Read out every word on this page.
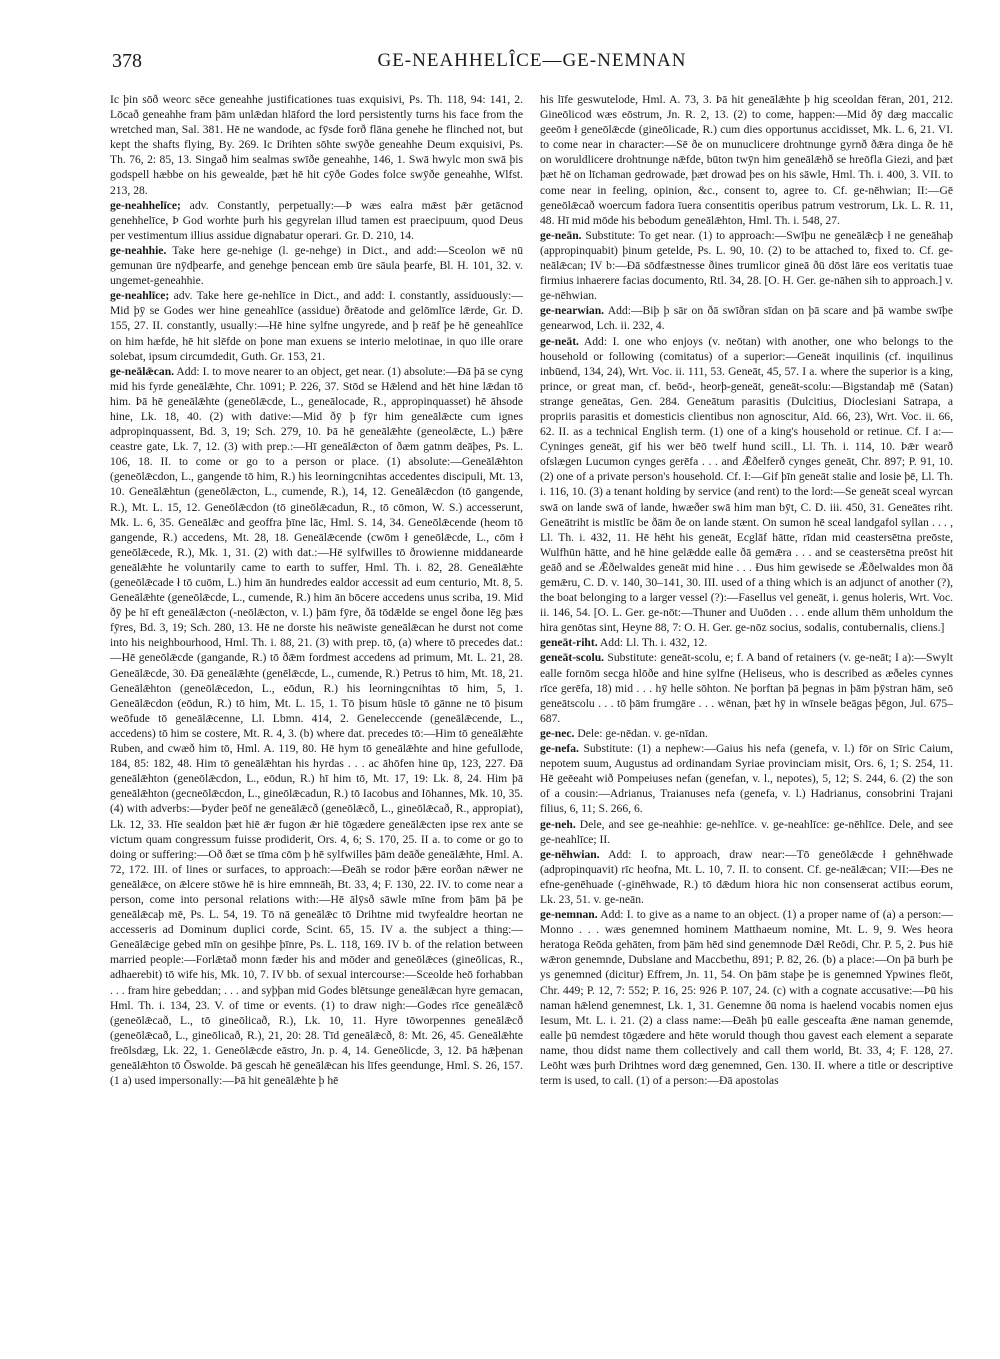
378	GE-NEAHHELÎCE—GE-NEMNAN

Ic þin sōð weorc sēce geneahhe justificationes tuas exquisivi, Ps. Th. 118, 94: 141, 2. Lōcað geneahhe fram þām unlǣdan hlāford the lord persistently turns his face from the wretched man, Sal. 381. Hē ne wandode, ac fȳsde forð flāna genehe he flinched not, but kept the shafts flying, By. 269. Ic Drihten sōhte swȳðe geneahhe Deum exquisivi, Ps. Th. 76, 2: 85, 13. Singað him sealmas swīðe geneahhe, 146, 1. Swā hwylc mon swā þis godspell hæbbe on his gewealde, þæt hē hit cȳðe Godes folce swȳðe geneahhe, Wlfst. 213, 28.

ge-neahhelīce; adv. Constantly, perpetually:—Þ wæs ealra mǣst þǣr getācnod genehhelīce, Þ God worhte þurh his gegyrelan illud tamen est praecipuum, quod Deus per vestimentum illius assidue dignabatur operari. Gr. D. 210, 14.

ge-neahhie. Take here ge-nehige (l. ge-nehge) in Dict., and add:—Sceolon wē nū gemunan ūre nȳdþearfe, and genehge þencean emb ūre sāula þearfe, Bl. H. 101, 32. v. ungemet-geneahhie.

ge-neahlīce; adv. Take here ge-nehlīce in Dict., and add: I. constantly, assiduously:—Mid þȳ se Godes wer hine geneahlīce (assidue) ðrēatode and gelōmlīce lǣrde, Gr. D. 155, 27. II. constantly, usually:—Hē hine sylfne ungyrede, and þ reāf þe hē geneahlīce on him hæfde, hē hit slēfde on þone man exuens se interio melotinae, in quo ille orare solebat, ipsum circumdedit, Guth. Gr. 153, 21.

ge-neālǣcan. Add: I. to move nearer to an object, get near. (1) absolute:—Ðā þā se cyng mid his fyrde geneālǣhte, Chr. 1091; P. 226, 37. Stōd se Hǣlend and hēt hine lǣdan tō him. Þā hē geneālǣhte (geneōlǣcde, L., geneālocade, R., appropinquasset) hē āhsode hine, Lk. 18, 40. (2) with dative:—Mid ðȳ þ fȳr him geneālǣcte cum ignes adpropinquassent, Bd. 3, 19; Sch. 279, 10. Þā hē geneālǣhte (geneolǣcte, L.) þǣre ceastre gate, Lk. 7, 12. (3) with prep.:—Hī geneālǣcton of ðæm gatnm deāþes, Ps. L. 106, 18. II. to come or go to a person or place. (1) absolute:—Geneālǣhton (geneōlǣcdon, L., gangende tō him, R.) his leorningcnihtas accedentes discipuli, Mt. 13, 10. Geneālǣhtun (geneōlǣcton, L., cumende, R.), 14, 12. Geneālǣcdon (tō gangende, R.), Mt. L. 15, 12. Geneōlǣcdon (tō gineōlǣcadun, R., tō cōmon, W. S.) accesserunt, Mk. L. 6, 35. Geneālǣc and geoffra þīne lāc, Hml. S. 14, 34. Geneōlǣcende (heom tō gangende, R.) accedens, Mt. 28, 18. Geneālǣcende (cwōm ł geneōlǣcde, L., cōm ł geneōlǣcede, R.), Mk. 1, 31. (2) with dat.:—Hē sylfwilles tō ðrowienne middanearde geneālǣhte he voluntarily came to earth to suffer, Hml. Th. i. 82, 28. Geneālǣhte (geneōlǣcade ł tō cuōm, L.) him ān hundredes ealdor accessit ad eum centurio, Mt. 8, 5. Geneālǣhte (geneōlǣcde, L., cumende, R.) him ān bōcere accedens unus scriba, 19. Mid ðȳ þe hī eft geneālǣcton (-neōlǣcton, v. l.) þām fȳre, ðā tōdǣlde se engel ðone lēg þæs fȳres, Bd. 3, 19; Sch. 280, 13. Hē ne dorste his neāwiste geneālǣcan he durst not come into his neighbourhood, Hml. Th. i. 88, 21. (3) with prep. tō, (a) where tō precedes dat.:—Hē geneōlǣcde (gangande, R.) tō ðǣm fordmest accedens ad primum, Mt. L. 21, 28. Geneālǣcde, 30. Ðā geneālǣhte (genēlǣcde, L., cumende, R.) Petrus tō him, Mt. 18, 21. Geneālǣhton (geneōlǣcedon, L., eōdun, R.) his leorningcnihtas tō him, 5, 1. Geneālǣcdon (eōdun, R.) tō him, Mt. L. 15, 1. Tō þisum hūsle tō gānne ne tō þisum weōfude tō geneālǣcenne, Ll. Lbmn. 414, 2. Geneleccende (geneālǣcende, L., accedens) tō him se costere, Mt. R. 4, 3. (b) where dat. precedes tō:—Him tō geneālǣhte Ruben, and cwæð him tō, Hml. A. 119, 80. Hē hym tō geneālǣhte and hine gefullode, 184, 85: 182, 48. Him tō geneālǣhtan his hyrdas . . . ac āhōfen hine ūp, 123, 227. Ðā geneālǣhton (geneōlǣcdon, L., eōdun, R.) hī him tō, Mt. 17, 19: Lk. 8, 24. Him þā geneālǣhton (gecneōlǣcdon, L., gineōlǣcadun, R.) tō Iacobus and Iōhannes, Mk. 10, 35. (4) with adverbs:—Þyder þeōf ne geneālǣcð (geneōlǣcð, L., gineōlǣcað, R., appropiat), Lk. 12, 33. Hīe sealdon þæt hiē ǣr fugon ǣr hiē tōgædere geneālǣcten ipse rex ante se victum quam congressum fuisse prodiderit, Ors. 4, 6; S. 170, 25. II a. to come or go to doing or suffering:—Oð ðæt se tīma cōm þ hē sylfwilles þām deāðe geneālǣhte, Hml. A. 72, 172. III. of lines or surfaces, to approach:—Ðeāh se rodor þǣre eorðan nǣwer ne geneālǣce, on ǣlcere stōwe hē is hire emnneāh, Bt. 33, 4; F. 130, 22. IV. to come near a person, come into personal relations with:—Hē ālȳsð sāwle mīne from þām þā þe geneālǣcaþ mē, Ps. L. 54, 19. Tō nā geneālǣc tō Drihtne mid twyfealdre heortan ne accesseris ad Dominum duplici corde, Scint. 65, 15. IV a. the subject a thing:—Geneālǣcige gebed mīn on gesihþe þīnre, Ps. L. 118, 169. IV b. of the relation between married people:—Forlǣtað monn fæder his and mōder and geneōlǣces (gineōlicas, R., adhaerebit) tō wife his, Mk. 10, 7. IV bb. of sexual intercourse:—Sceolde heō forhabban . . . fram hire gebeddan; . . . and syþþan mid Godes blētsunge geneālǣcan hyre gemacan, Hml. Th. i. 134, 23. V. of time or events. (1) to draw nigh:—Godes rīce geneālǣcð (geneōlǣcað, L., tō gineōlicað, R.), Lk. 10, 11. Hyre tōworpennes geneālǣcð (geneōlǣcað, L., gineōlicað, R.), 21, 20: 28. Tīd geneālǣcð, 8: Mt. 26, 45. Geneālǣhte freōlsdæg, Lk. 22, 1. Geneōlǣcde eāstro, Jn. p. 4, 14. Geneōlicde, 3, 12. Þā hǣþenan geneālǣhton tō Ōswolde. Þā gescah hē geneālǣcan his līfes geendunge, Hml. S. 26, 157. (1 a) used impersonally:—Þā hit geneālǣhte þ hē

his līfe geswutelode, Hml. A. 73, 3. Þā hit geneālǣhte þ hig sceoldan fēran, 201, 212. Gineōlicod wæs eōstrum, Jn. R. 2, 13. (2) to come, happen:—Mid ðȳ dæg maccalic geeōm ł geneōlǣcde (gineōlicade, R.) cum dies opportunus accidisset, Mk. L. 6, 21. VI. to come near in character:—Sē ðe on munuclicere drohtnunge gyrnð ðǣra dinga ðe hē on woruldlicere drohtnunge nǣfde, būton twȳn him geneālǣhð se hreōfla Giezi, and þæt þæt hē on līchaman gedrowade, þæt drowad þes on his sāwle, Hml. Th. i. 400, 3. VII. to come near in feeling, opinion, &c., consent to, agree to. Cf. ge-nēhwian; II:—Gē geneōlǣcað woercum fadora īuera consentitis operibus patrum vestrorum, Lk. L. R. 11, 48. Hī mid mōde his bebodum geneālǣhton, Hml. Th. i. 548, 27.

ge-neān. Substitute: To get near. (1) to approach:—Swīþu ne geneālǣcþ ł ne geneāhaþ (appropinquabit) þinum getelde, Ps. L. 90, 10. (2) to be attached to, fixed to. Cf. ge-neālǣcan; IV b:—Ðā sōdfæstnesse ðines trumlicor gineā ðū dōst lāre eos veritatis tuae firmius inhaerere facias documento, Rtl. 34, 28. [O. H. Ger. ge-nāhen sih to approach.] v. ge-nēhwian.

ge-nearwian. Add:—Biþ þ sār on ðā swīðran sīdan on þā scare and þā wambe swīþe genearwod, Lch. ii. 232, 4.

ge-neāt. Add: I. one who enjoys (v. neōtan) with another, one who belongs to the household or following (comitatus) of a superior:—Geneāt inquilinis (cf. inquilinus inbūend, 134, 24), Wrt. Voc. ii. 111, 53. Geneāt, 45, 57. I a. where the superior is a king, prince, or great man, cf. beōd-, heorþ-geneāt, geneāt-scolu:—Bigstandaþ mē (Satan) strange geneātas, Gen. 284. Geneātum parasitis (Dulcitius, Dioclesiani Satrapa, a propriis parasitis et domesticis clientibus non agnoscitur, Ald. 66, 23), Wrt. Voc. ii. 66, 62. II. as a technical English term. (1) one of a king's household or retinue. Cf. I a:—Cyninges geneāt, gif his wer bēō twelf hund scill., Ll. Th. i. 114, 10. Þǣr wearð ofslægen Lucumon cynges gerēfa . . . and Ǣðelferð cynges geneāt, Chr. 897; P. 91, 10. (2) one of a private person's household. Cf. I:—Gif þīn geneāt stalie and losie þē, Ll. Th. i. 116, 10. (3) a tenant holding by service (and rent) to the lord:—Se geneāt sceal wyrcan swā on lande swā of lande, hwæðer swā him man bȳt, C. D. iii. 450, 31. Geneātes riht. Geneātriht is mistlīc be ðām ðe on lande stænt. On sumon hē sceal landgafol syllan . . . , Ll. Th. i. 432, 11. Hē hēht his geneāt, Ecglāf hātte, rīdan mid ceastersētna preōste, Wulfhūn hātte, and hē hine gelǣdde ealle ðā gemǣra . . . and se ceastersētna preōst hit geāð and se Ǣðelwaldes geneāt mid hine . . . Ðus him gewisede se Ǣðelwaldes mon ðā gemǣru, C. D. v. 140, 30–141, 30. III. used of a thing which is an adjunct of another (?), the boat belonging to a larger vessel (?):—Fasellus vel geneāt, i. genus holeris, Wrt. Voc. ii. 146, 54. [O. L. Ger. ge-nōt:—Thuner and Uuōden . . . ende allum thēm unholdum the hira genōtas sint, Heyne 88, 7: O. H. Ger. ge-nōz socius, sodalis, contubernalis, cliens.]

geneāt-riht. Add: Ll. Th. i. 432, 12.

geneāt-scolu. Substitute: geneāt-scolu, e; f. A band of retainers (v. ge-neāt; I a):—Swylt ealle fornōm secga hlōðe and hine sylfne (Heliseus, who is described as æðeles cynnes rīce gerēfa, 18) mid . . . hȳ helle sōhton. Ne þorftan þā þegnas in þām þȳstran hām, seō geneātscolu . . . tō þām frumgāre . . . wēnan, þæt hȳ in wīnsele beāgas þēgon, Jul. 675–687.

ge-nec. Dele: ge-nēdan. v. ge-nīdan.

ge-nefa. Substitute: (1) a nephew:—Gaius his nefa (genefa, v. l.) fōr on Sīric Caium, nepotem suum, Augustus ad ordinandam Syriae provinciam misit, Ors. 6, 1; S. 254, 11. Hē geēeaht wið Pompeiuses nefan (genefan, v. l., nepotes), 5, 12; S. 244, 6. (2) the son of a cousin:—Adrianus, Traianuses nefa (genefa, v. l.) Hadrianus, consobrini Trajani filius, 6, 11; S. 266, 6.

ge-neh. Dele, and see ge-neahhie: ge-nehlīce. v. ge-neahlīce: ge-nēhlīce. Dele, and see ge-neahlīce; II.

ge-nēhwian. Add: I. to approach, draw near:—Tō geneōlǣcde ł gehnēhwade (adpropinquavit) rīc heofna, Mt. L. 10, 7. II. to consent. Cf. ge-neālǣcan; VII:—Ðes ne efne-genēhuade (-ginēhwade, R.) tō dǣdum hiora hic non consenserat actibus eorum, Lk. 23, 51. v. ge-neān.

ge-nemnan. Add: I. to give as a name to an object. (1) a proper name of (a) a person:—Monno . . . wæs genemned hominem Matthaeum nomine, Mt. L. 9, 9. Wes heora heratoga Reōda gehāten, from þām hēd sind genemnode Dǣl Reōdi, Chr. P. 5, 2. Þus hiē wǣron genemnde, Dubslane and Maccbethu, 891; P. 82, 26. (b) a place:—On þā burh þe ys genemned (dicitur) Effrem, Jn. 11, 54. On þām staþe þe is genemned Ypwines fleōt, Chr. 449; P. 12, 7: 552; P. 16, 25: 926 P. 107, 24. (c) with a cognate accusative:—Þū his naman hǣlend genemnest, Lk. 1, 31. Genemne ðū noma is haelend vocabis nomen ejus Iesum, Mt. L. i. 21. (2) a class name:—Ðeāh þū ealle gesceafta ǣne naman genemde, ealle þū nemdest tōgædere and hēte woruld though thou gavest each element a separate name, thou didst name them collectively and call them world, Bt. 33, 4; F. 128, 27. Leōht wæs þurh Drihtnes word dæg genemned, Gen. 130. II. where a title or descriptive term is used, to call. (1) of a person:—Ðā apostolas
